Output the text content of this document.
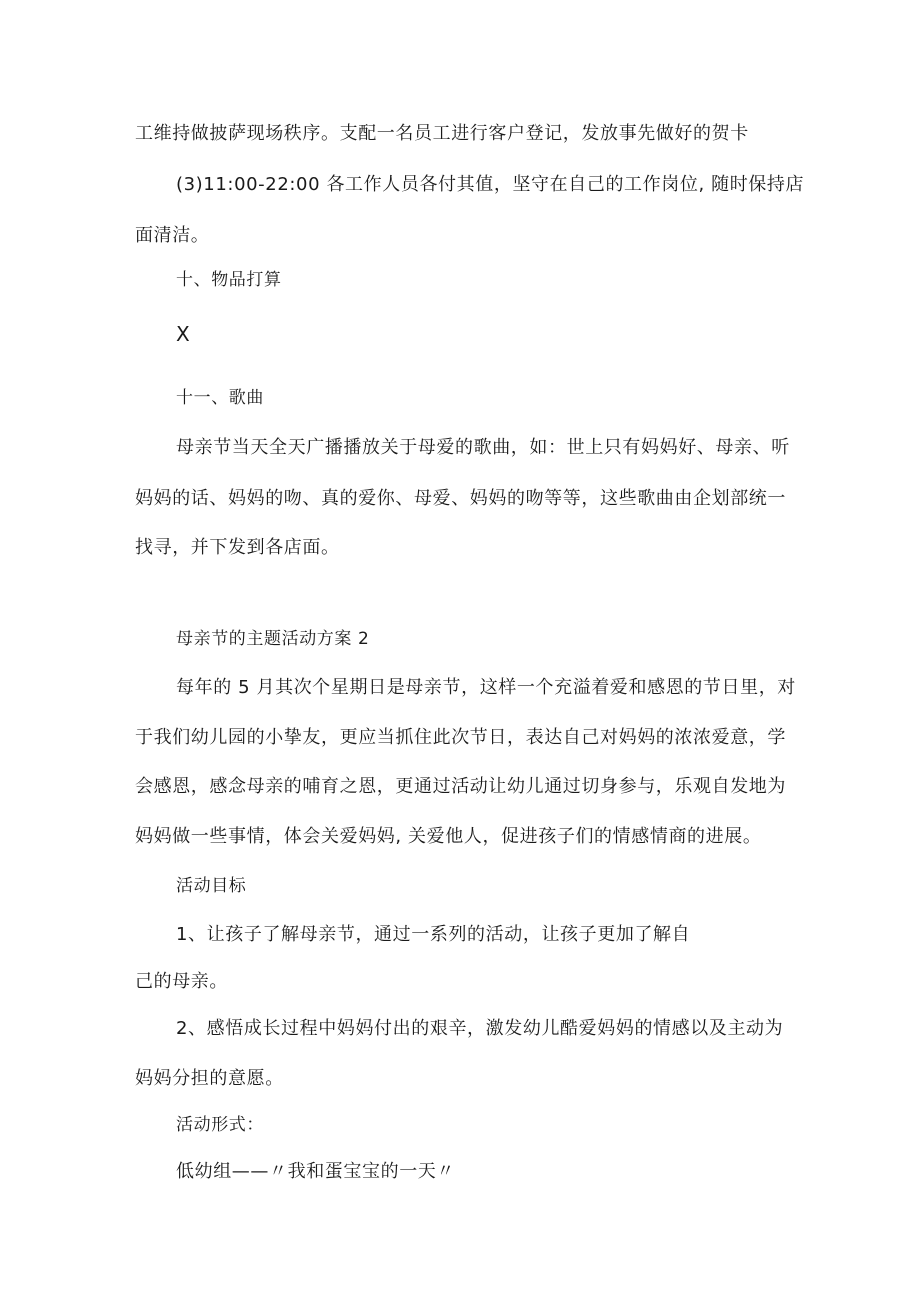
工维持做披萨现场秩序。支配一名员工进行客户登记，发放事先做好的贺卡

(3)11:00-22:00 各工作人员各付其值，坚守在自己的工作岗位, 随时保持店

面清洁。

十、物品打算

X

十一、歌曲

母亲节当天全天广播播放关于母爱的歌曲，如：世上只有妈妈好、母亲、听

妈妈的话、妈妈的吻、真的爱你、母爱、妈妈的吻等等，这些歌曲由企划部统一

找寻，并下发到各店面。

母亲节的主题活动方案 2

每年的 5 月其次个星期日是母亲节，这样一个充溢着爱和感恩的节日里，对

于我们幼儿园的小挚友，更应当抓住此次节日，表达自己对妈妈的浓浓爱意，学

会感恩，感念母亲的哺育之恩，更通过活动让幼儿通过切身参与，乐观自发地为

妈妈做一些事情，体会关爱妈妈, 关爱他人，促进孩子们的情感情商的进展。

活动目标

1、让孩子了解母亲节，通过一系列的活动，让孩子更加了解自

己的母亲。

2、感悟成长过程中妈妈付出的艰辛，激发幼儿酷爱妈妈的情感以及主动为

妈妈分担的意愿。

活动形式：

低幼组——〃我和蛋宝宝的一天〃
